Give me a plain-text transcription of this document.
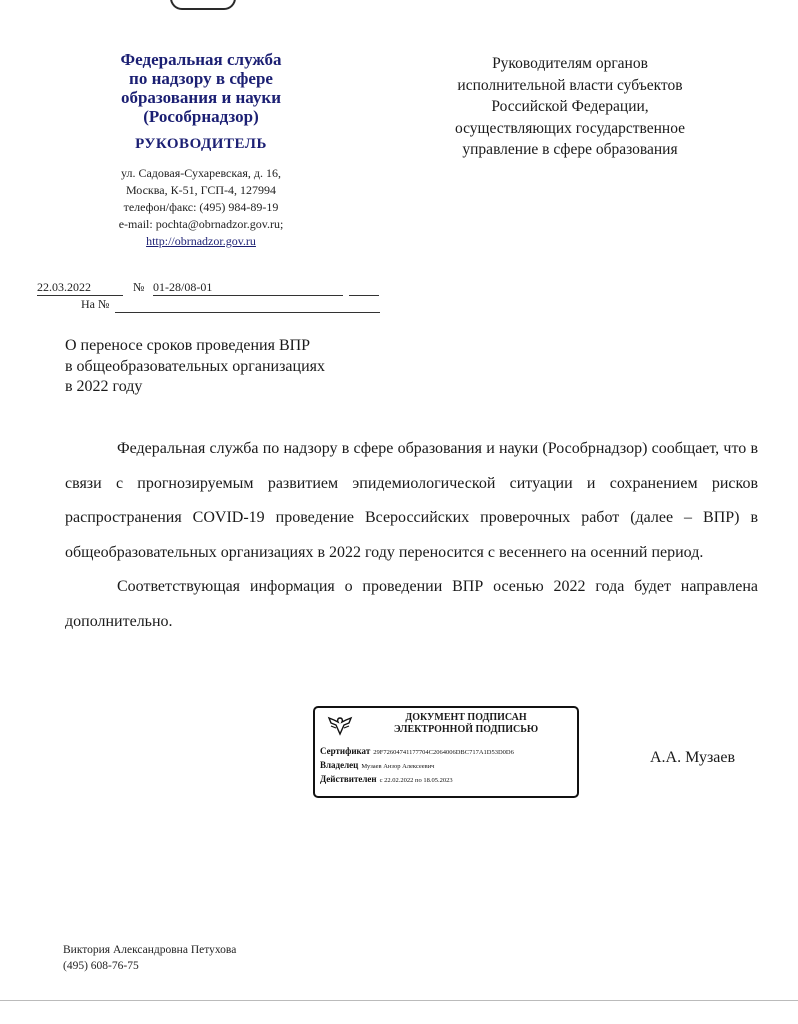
Федеральная служба
по надзору в сфере
образования и науки
(Рособрнадзор)
РУКОВОДИТЕЛЬ
ул. Садовая-Сухаревская, д. 16,
Москва, К-51, ГСП-4, 127994
телефон/факс: (495) 984-89-19
e-mail: pochta@obrnadzor.gov.ru;
http://obrnadzor.gov.ru
Руководителям органов
исполнительной власти субъектов
Российской Федерации,
осуществляющих государственное
управление в сфере образования
22.03.2022	№ 01-28/08-01

На №

О переносе сроков проведения ВПР
в общеобразовательных организациях
в 2022 году

Федеральная служба по надзору в сфере образования и науки (Рособрнадзор) сообщает, что в связи с прогнозируемым развитием эпидемиологической ситуации и сохранением рисков распространения COVID-19 проведение Всероссийских проверочных работ (далее – ВПР) в общеобразовательных организациях в 2022 году переносится с весеннего на осенний период.

Соответствующая информация о проведении ВПР осенью 2022 года будет направлена дополнительно.

ДОКУМЕНТ ПОДПИСАН
ЭЛЕКТРОННОЙ ПОДПИСЬЮ
Сертификат 29F72604741177704C2064006DBC717A1D53D0D6
Владелец Музаев Анзор Алексеевич
Действителен с 22.02.2022 по 18.05.2023
А.А. Музаев
Виктория Александровна Петухова
(495) 608-76-75
